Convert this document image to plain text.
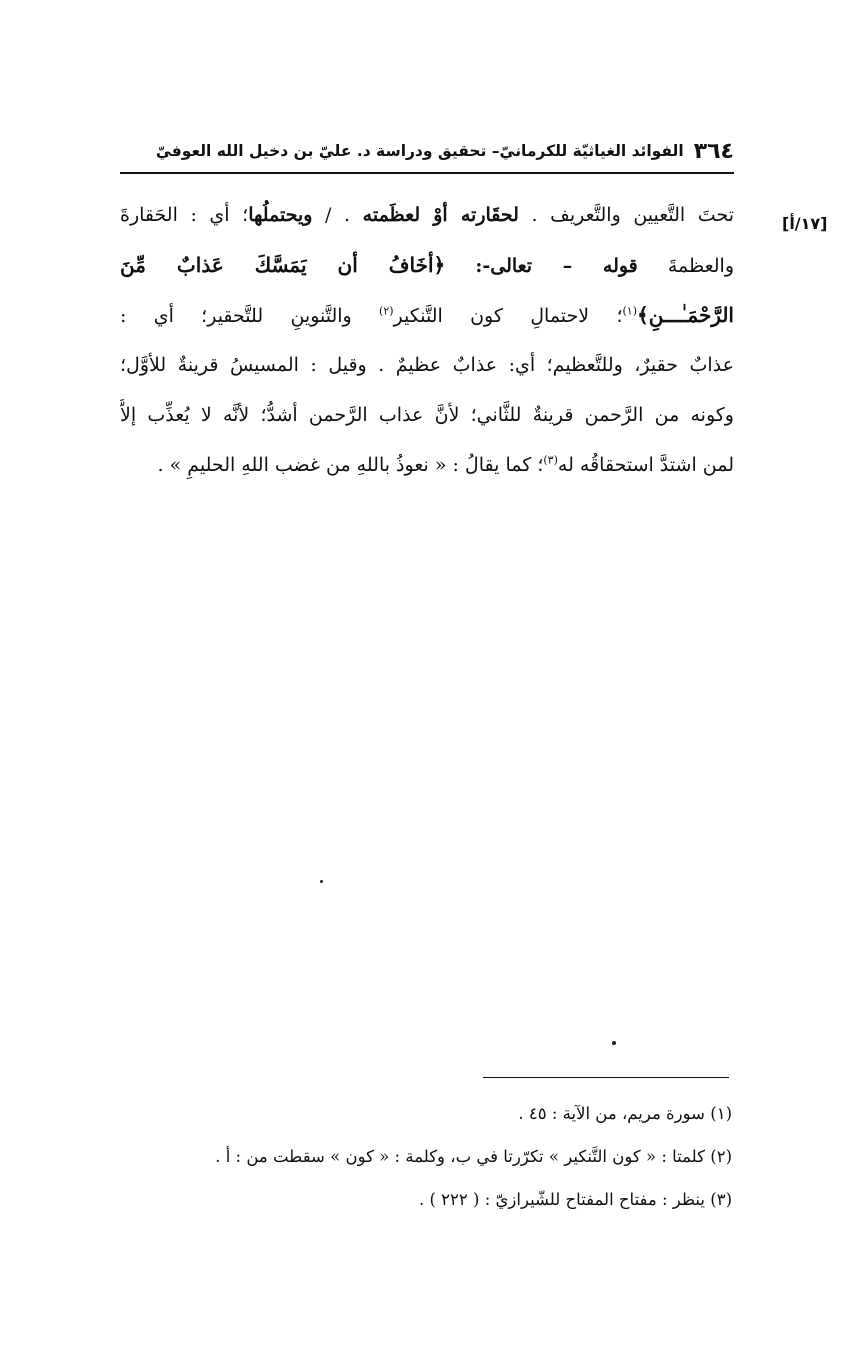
٣٦٤
الفوائد الغياثيّة للكرمانيّ– تحقيق ودراسة د. عليّ بن دخيل الله العوفيّ
[١٧/أ]
تحتَ التَّعيين والتَّعريف . لحقَارته أوْ لعظَمته . / ويحتملُها؛ أي : الحَقارةَ
والعظمةَ قوله – تعالى-: ﴿أخَافُ أن يَمَسَّكَ عَذابٌ مِّنَ
الرَّحْمَـٰـــنِ﴾$^{(١)}$؛ لاحتمالِ كون التَّنكير$^{(٢)}$ والتَّنوينِ للتَّحقير؛ أي :
عذابٌ حقيرٌ، وللتَّعظيم؛ أي: عذابٌ عظيمٌ . وقيل : المسيسُ قرينةٌ للأوَّل؛
وكونه من الرَّحمن قرينةٌ للثَّاني؛ لأنَّ عذاب الرَّحمن أشدُّ؛ لأنَّه لا يُعذِّب إلاَّ
لمن اشتدَّ استحقاقُه له$^{(٣)}$؛ كما يقالُ : « نعوذُ باللهِ من غضب اللهِ الحليمِ » .
(١) سورة مريم، من الآية : ٤٥ .
(٢) كلمتا : « كون التَّنكير » تكرّرتا في ب، وكلمة : « كون » سقطت من : أ .
(٣) ينظر : مفتاح المفتاح للشّيرازيّ : ( ٢٢٢ ) .
